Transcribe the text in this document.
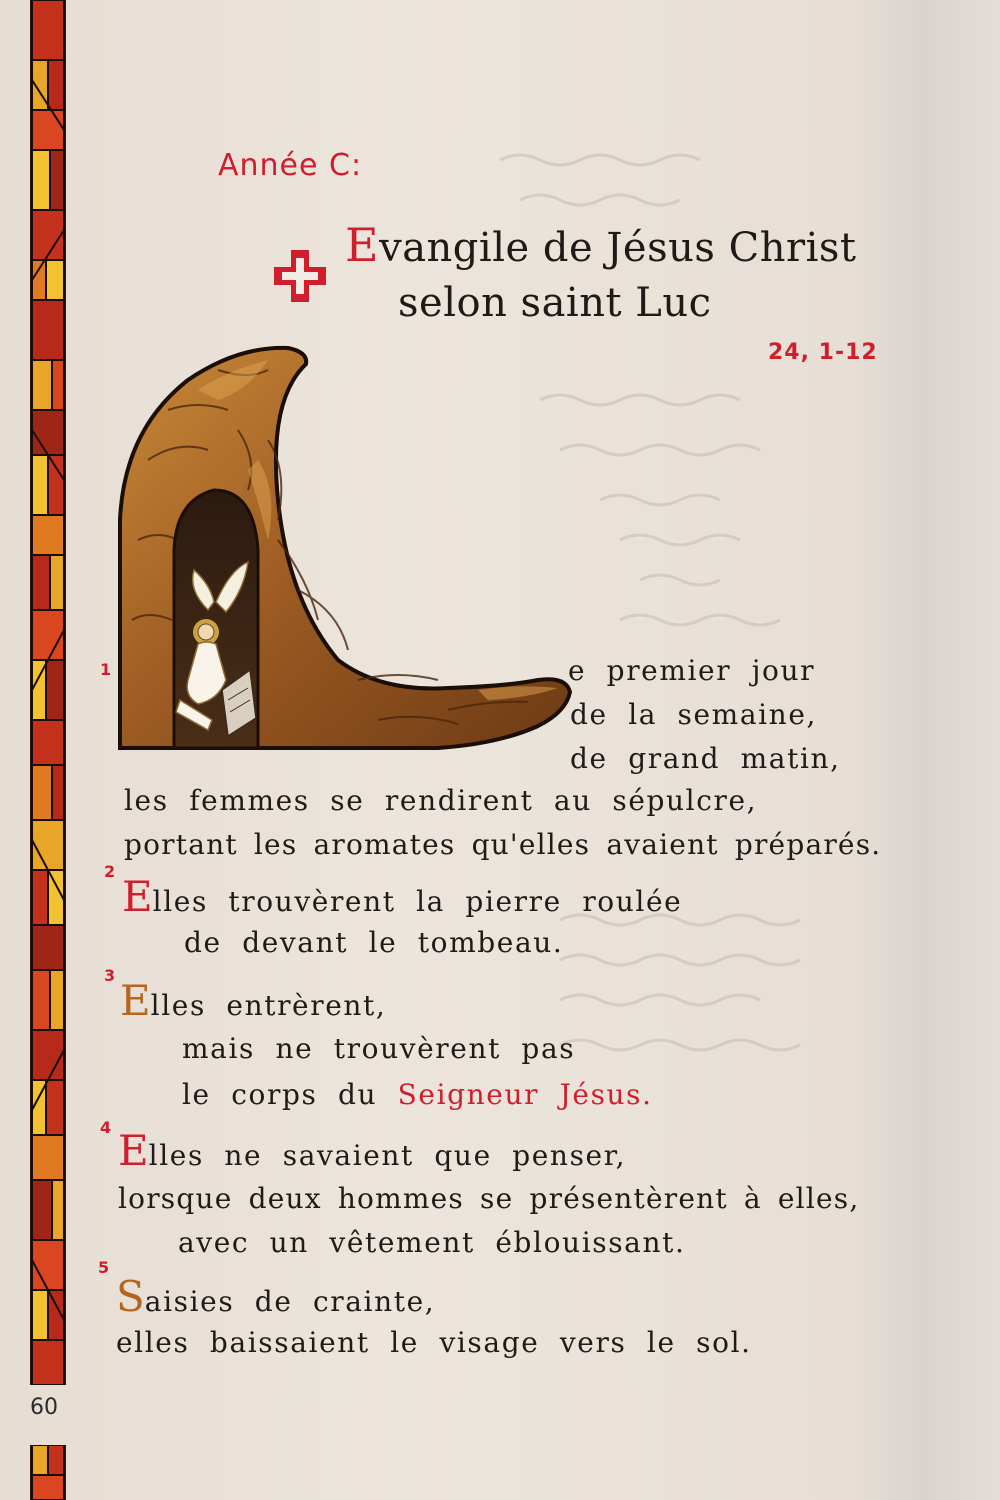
60
Année C:
Evangile de Jésus Christ
selon saint Luc
24, 1-12
1
2
3
4
5
e premier jour
de la semaine,
de grand matin,
les femmes se rendirent au sépulcre,
portant les aromates qu'elles avaient préparés.
Elles trouvèrent la pierre roulée
de devant le tombeau.
Elles entrèrent,
mais ne trouvèrent pas
le corps du Seigneur Jésus.
Elles ne savaient que penser,
lorsque deux hommes se présentèrent à elles,
avec un vêtement éblouissant.
Saisies de crainte,
elles baissaient le visage vers le sol.
